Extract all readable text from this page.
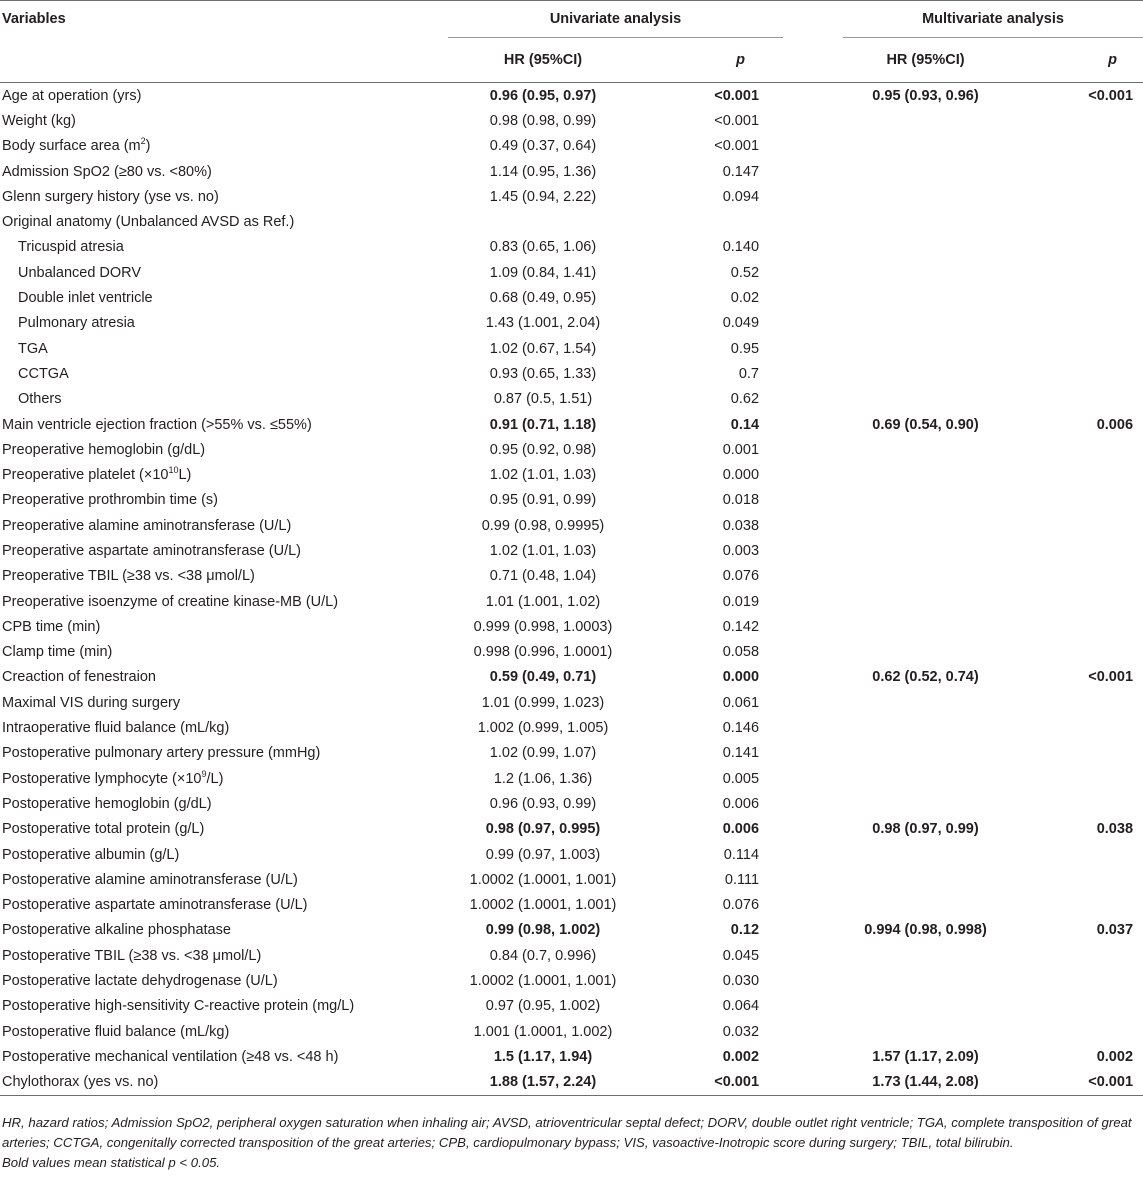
Variables	Univariate analysis			Multivariate analysis	
	HR (95%CI)	p		HR (95%CI)	p
Age at operation (yrs)	0.96 (0.95, 0.97)	<0.001		0.95 (0.93, 0.96)	<0.001
Weight (kg)	0.98 (0.98, 0.99)	<0.001			
Body surface area $(m^2)$	0.49 (0.37, 0.64)	<0.001			
Admission SpO2 (≥80 vs. <80%)	1.14 (0.95, 1.36)	0.147			
Glenn surgery history (yse vs. no)	1.45 (0.94, 2.22)	0.094			
Original anatomy (Unbalanced AVSD as Ref.)					
Tricuspid atresia	0.83 (0.65, 1.06)	0.140			
Unbalanced DORV	1.09 (0.84, 1.41)	0.52			
Double inlet ventricle	0.68 (0.49, 0.95)	0.02			
Pulmonary atresia	1.43 (1.001, 2.04)	0.049			
TGA	1.02 (0.67, 1.54)	0.95			
CCTGA	0.93 (0.65, 1.33)	0.7			
Others	0.87 (0.5, 1.51)	0.62			
Main ventricle ejection fraction (>55% vs. ≤55%)	0.91 (0.71, 1.18)	0.14		0.69 (0.54, 0.90)	0.006
Preoperative hemoglobin (g/dL)	0.95 (0.92, 0.98)	0.001			
Preoperative platelet $(\times 10^{10}L)$	1.02 (1.01, 1.03)	0.000			
Preoperative prothrombin time (s)	0.95 (0.91, 0.99)	0.018			
Preoperative alamine aminotransferase (U/L)	0.99 (0.98, 0.9995)	0.038			
Preoperative aspartate aminotransferase (U/L)	1.02 (1.01, 1.03)	0.003			
Preoperative TBIL (≥38 vs. <38 μmol/L)	0.71 (0.48, 1.04)	0.076			
Preoperative isoenzyme of creatine kinase-MB (U/L)	1.01 (1.001, 1.02)	0.019			
CPB time (min)	0.999 (0.998, 1.0003)	0.142			
Clamp time (min)	0.998 (0.996, 1.0001)	0.058			
Creaction of fenestraion	0.59 (0.49, 0.71)	0.000		0.62 (0.52, 0.74)	<0.001
Maximal VIS during surgery	1.01 (0.999, 1.023)	0.061			
Intraoperative fluid balance (mL/kg)	1.002 (0.999, 1.005)	0.146			
Postoperative pulmonary artery pressure (mmHg)	1.02 (0.99, 1.07)	0.141			
Postoperative lymphocyte $(\times 10^9/L)$	1.2 (1.06, 1.36)	0.005			
Postoperative hemoglobin (g/dL)	0.96 (0.93, 0.99)	0.006			
Postoperative total protein (g/L)	0.98 (0.97, 0.995)	0.006		0.98 (0.97, 0.99)	0.038
Postoperative albumin (g/L)	0.99 (0.97, 1.003)	0.114			
Postoperative alamine aminotransferase (U/L)	1.0002 (1.0001, 1.001)	0.111			
Postoperative aspartate aminotransferase (U/L)	1.0002 (1.0001, 1.001)	0.076			
Postoperative alkaline phosphatase	0.99 (0.98, 1.002)	0.12		0.994 (0.98, 0.998)	0.037
Postoperative TBIL (≥38 vs. <38 μmol/L)	0.84 (0.7, 0.996)	0.045			
Postoperative lactate dehydrogenase (U/L)	1.0002 (1.0001, 1.001)	0.030			
Postoperative high-sensitivity C-reactive protein (mg/L)	0.97 (0.95, 1.002)	0.064			
Postoperative fluid balance (mL/kg)	1.001 (1.0001, 1.002)	0.032			
Postoperative mechanical ventilation (≥48 vs. <48 h)	1.5 (1.17, 1.94)	0.002		1.57 (1.17, 2.09)	0.002
Chylothorax (yes vs. no)	1.88 (1.57, 2.24)	<0.001		1.73 (1.44, 2.08)	<0.001
HR, hazard ratios; Admission SpO2, peripheral oxygen saturation when inhaling air; AVSD, atrioventricular septal defect; DORV, double outlet right ventricle; TGA, complete transposition of great arteries; CCTGA, congenitally corrected transposition of the great arteries; CPB, cardiopulmonary bypass; VIS, vasoactive-Inotropic score during surgery; TBIL, total bilirubin.
Bold values mean statistical p < 0.05.
